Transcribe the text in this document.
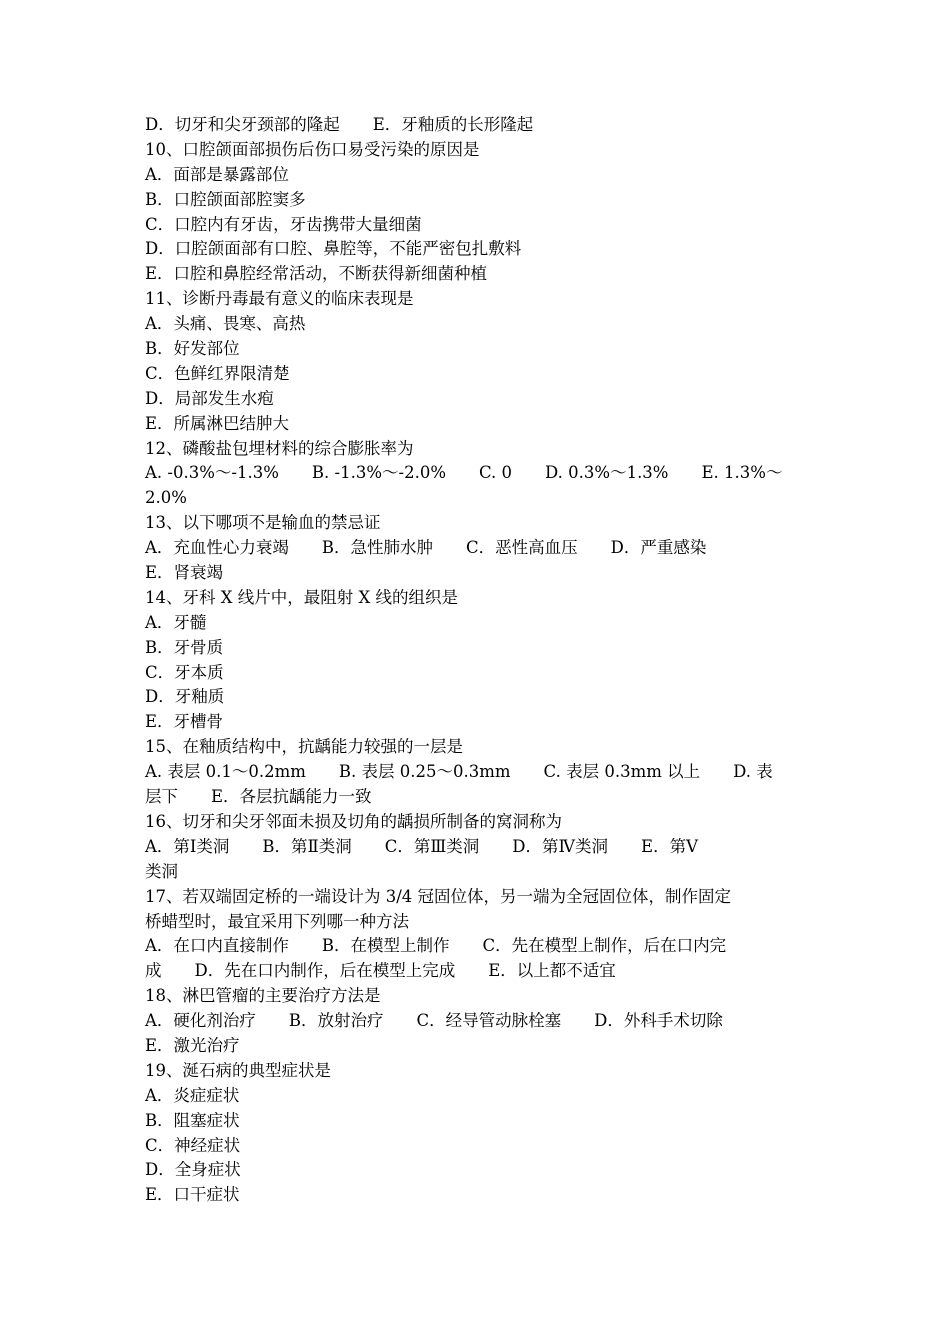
D．切牙和尖牙颈部的隆起　　E．牙釉质的长形隆起
10、口腔颌面部损伤后伤口易受污染的原因是
A．面部是暴露部位
B．口腔颌面部腔窦多
C．口腔内有牙齿，牙齿携带大量细菌
D．口腔颌面部有口腔、鼻腔等，不能严密包扎敷料
E．口腔和鼻腔经常活动，不断获得新细菌种植
11、诊断丹毒最有意义的临床表现是
A．头痛、畏寒、高热
B．好发部位
C．色鲜红界限清楚
D．局部发生水疱
E．所属淋巴结肿大
12、磷酸盐包埋材料的综合膨胀率为
A. -0.3%～-1.3%　　B. -1.3%～-2.0%　　C. 0　　D. 0.3%～1.3%　　E. 1.3%～
2.0%
13、以下哪项不是输血的禁忌证
A．充血性心力衰竭　　B．急性肺水肿　　C．恶性高血压　　D．严重感染
E．肾衰竭
14、牙科 X 线片中，最阻射 X 线的组织是
A．牙髓
B．牙骨质
C．牙本质
D．牙釉质
E．牙槽骨
15、在釉质结构中，抗龋能力较强的一层是
A. 表层 0.1～0.2mm　　B. 表层 0.25～0.3mm　　C. 表层 0.3mm 以上　　D. 表
层下　　E．各层抗龋能力一致
16、切牙和尖牙邻面未损及切角的龋损所制备的窝洞称为
A．第Ⅰ类洞　　B．第Ⅱ类洞　　C．第Ⅲ类洞　　D．第Ⅳ类洞　　E．第Ⅴ
类洞
17、若双端固定桥的一端设计为 3/4 冠固位体，另一端为全冠固位体，制作固定
桥蜡型时，最宜采用下列哪一种方法
A．在口内直接制作　　B．在模型上制作　　C．先在模型上制作，后在口内完
成　　D．先在口内制作，后在模型上完成　　E．以上都不适宜
18、淋巴管瘤的主要治疗方法是
A．硬化剂治疗　　B．放射治疗　　C．经导管动脉栓塞　　D．外科手术切除
E．激光治疗
19、涎石病的典型症状是
A．炎症症状
B．阻塞症状
C．神经症状
D．全身症状
E．口干症状
